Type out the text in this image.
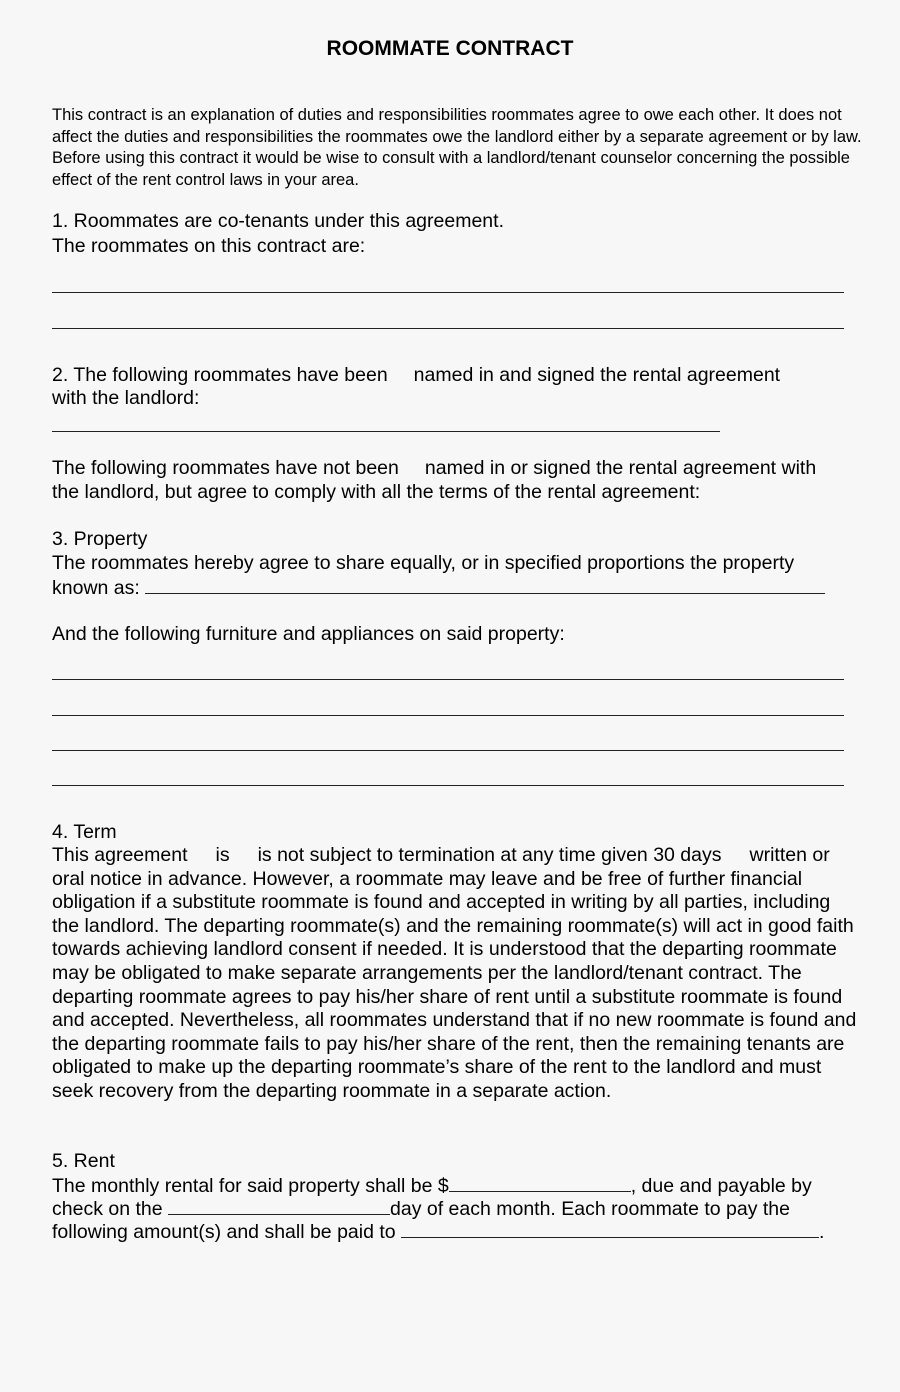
ROOMMATE CONTRACT
This contract is an explanation of duties and responsibilities roommates agree to owe each other. It does not affect the duties and responsibilities the roommates owe the landlord either by a separate agreement or by law. Before using this contract it would be wise to consult with a landlord/tenant counselor concerning the possible effect of the rent control laws in your area.
1. Roommates are co-tenants under this agreement.
The roommates on this contract are:
2. The following roommates have been named in and signed the rental agreement
with the landlord:
The following roommates have not been named in or signed the rental agreement with
the landlord, but agree to comply with all the terms of the rental agreement:
3. Property
The roommates hereby agree to share equally, or in specified proportions the property
known as:
And the following furniture and appliances on said property:
4. Term
This agreement is is not subject to termination at any time given 30 days written ororal notice in advance. However, a roommate may leave and be free of further financial obligation if a substitute roommate is found and accepted in writing by all parties, including the landlord. The departing roommate(s) and the remaining roommate(s) will act in good faith towards achieving landlord consent if needed. It is understood that the departing roommate may be obligated to make separate arrangements per the landlord/tenant contract. The departing roommate agrees to pay his/her share of rent until a substitute roommate is found and accepted. Nevertheless, all roommates understand that if no new roommate is found and the departing roommate fails to pay his/her share of the rent, then the remaining tenants are obligated to make up the departing roommate’s share of the rent to the landlord and must seek recovery from the departing roommate in a separate action.
5. Rent
The monthly rental for said property shall be $	, due and payable by
check on the	day of each month. Each roommate to pay the
following amount(s) and shall be paid to	.
